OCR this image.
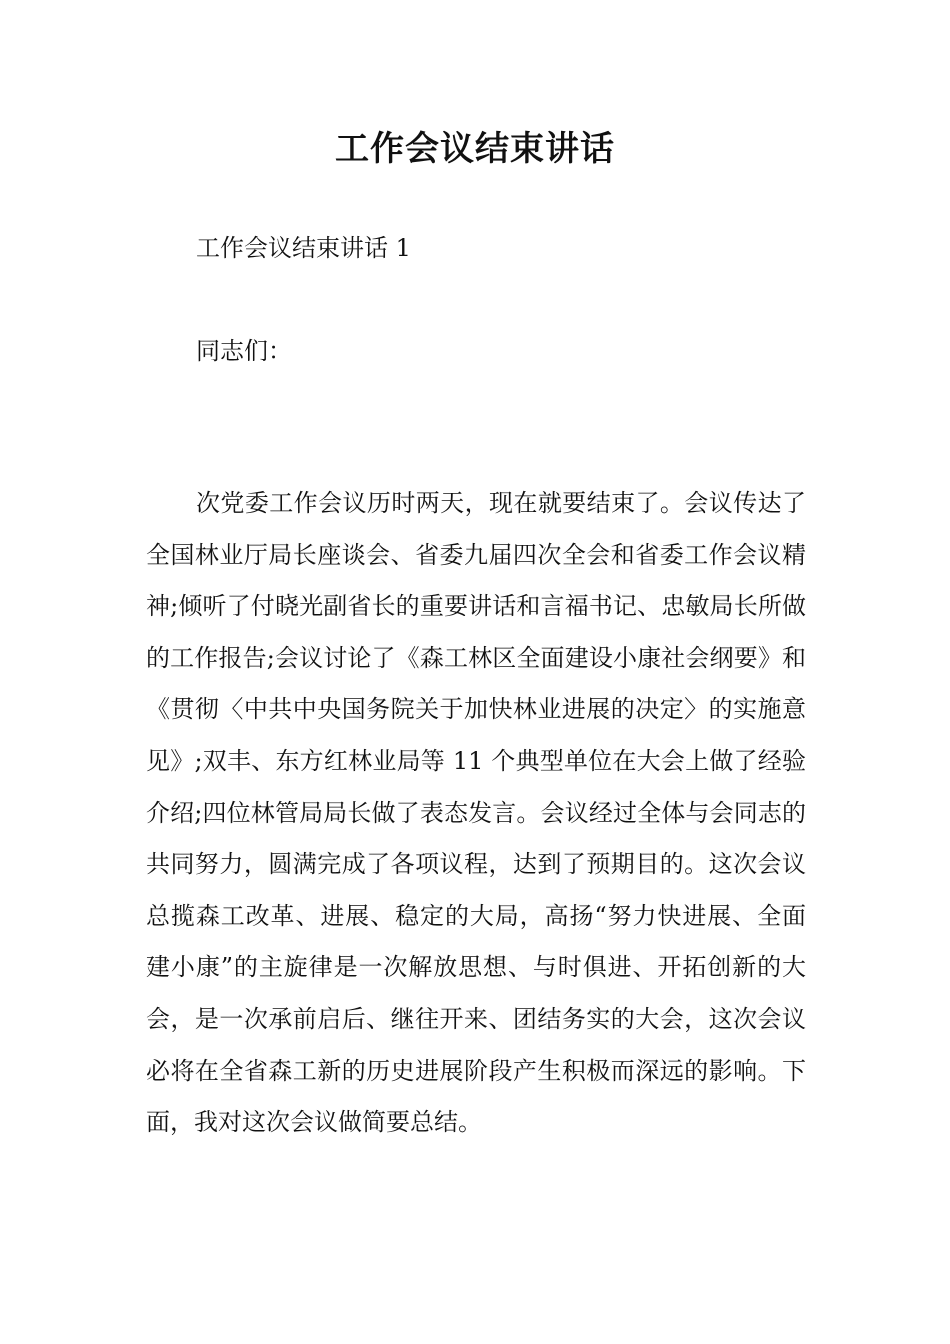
工作会议结束讲话
工作会议结束讲话 1
同志们：

次党委工作会议历时两天，现在就要结束了。会议传达了全国林业厅局长座谈会、省委九届四次全会和省委工作会议精神;倾听了付晓光副省长的重要讲话和言福书记、忠敏局长所做的工作报告;会议讨论了《森工林区全面建设小康社会纲要》和《贯彻〈中共中央国务院关于加快林业进展的决定〉的实施意见》;双丰、东方红林业局等 11 个典型单位在大会上做了经验介绍;四位林管局局长做了表态发言。会议经过全体与会同志的共同努力，圆满完成了各项议程，达到了预期目的。这次会议总揽森工改革、进展、稳定的大局，高扬“努力快进展、全面建小康”的主旋律是一次解放思想、与时俱进、开拓创新的大会，是一次承前启后、继往开来、团结务实的大会，这次会议必将在全省森工新的历史进展阶段产生积极而深远的影响。下面，我对这次会议做简要总结。
